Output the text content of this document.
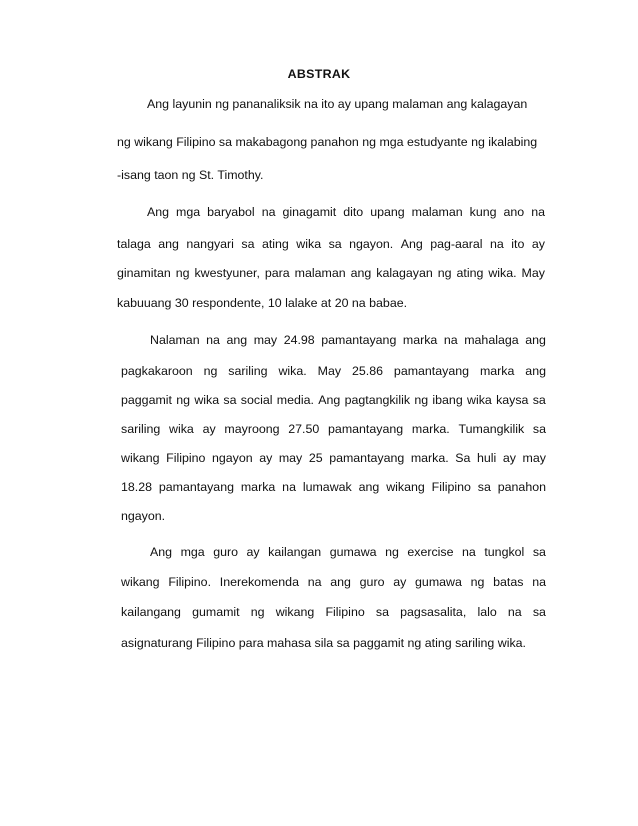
ABSTRAK
Ang layunin ng pananaliksik na ito ay upang malaman ang kalagayan
ng wikang Filipino sa makabagong panahon ng mga estudyante ng ikalabing
-isang taon ng St. Timothy.
Ang mga baryabol na ginagamit dito upang malaman kung ano na
talaga ang nangyari sa ating wika sa ngayon. Ang pag-aaral na ito ay
ginamitan ng kwestyuner, para malaman ang kalagayan ng ating wika. May
kabuuang 30 respondente, 10 lalake at 20 na babae.
Nalaman na ang may 24.98 pamantayang marka na mahalaga ang
pagkakaroon ng sariling wika. May 25.86 pamantayang marka ang
paggamit ng wika sa social media. Ang pagtangkilik ng ibang wika kaysa sa
sariling wika ay mayroong 27.50 pamantayang marka. Tumangkilik sa
wikang Filipino ngayon ay may 25 pamantayang marka. Sa huli ay may
18.28 pamantayang marka na lumawak ang wikang Filipino sa panahon
ngayon.
Ang mga guro ay kailangan gumawa ng exercise na tungkol sa
wikang Filipino. Inerekomenda na ang guro ay gumawa ng batas na
kailangang gumamit ng wikang Filipino sa pagsasalita, lalo na sa
asignaturang Filipino para mahasa sila sa paggamit ng ating sariling wika.
